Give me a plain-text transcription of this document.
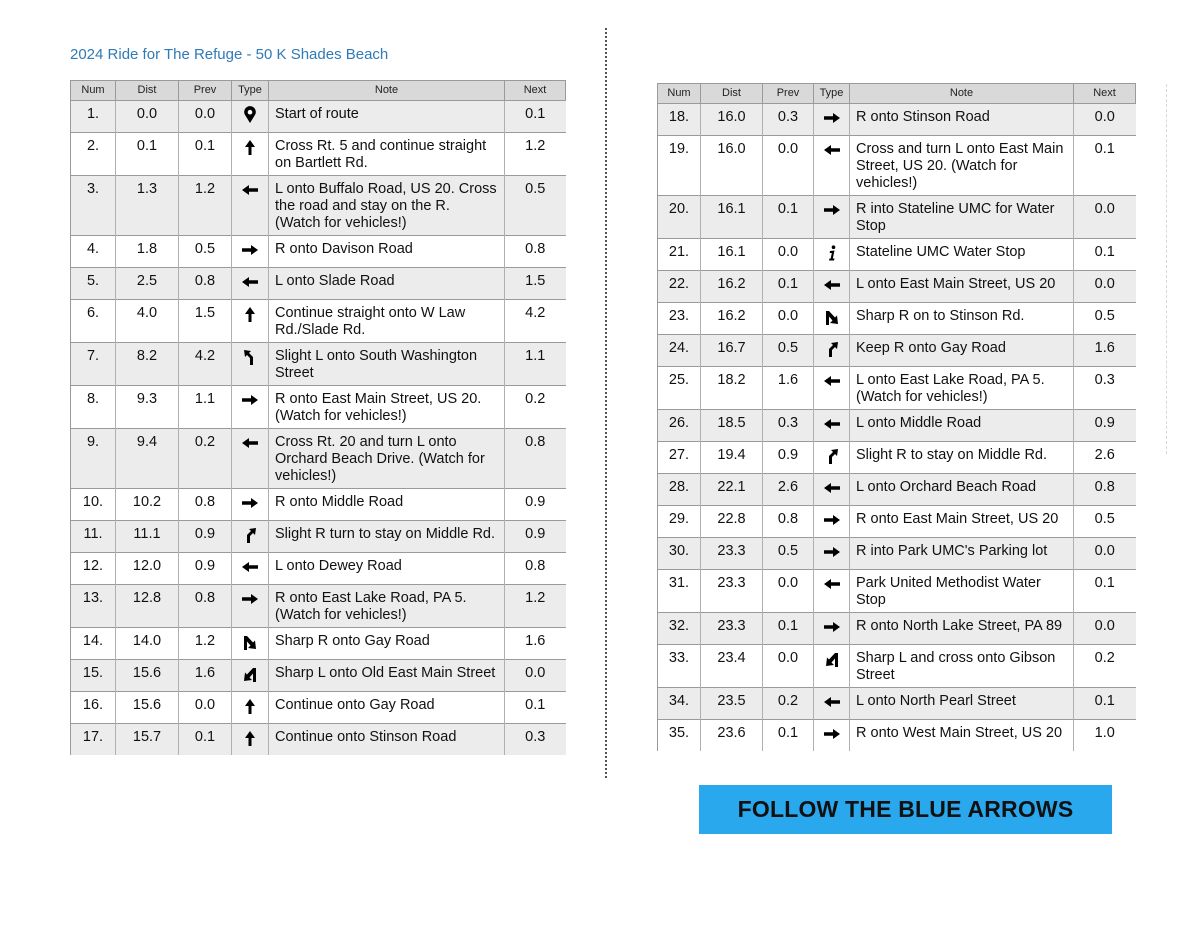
2024 Ride for The Refuge - 50 K Shades Beach
Num	Dist	Prev	Type	Note	Next
1.	0.0	0.0		Start of route	0.1
2.	0.1	0.1		Cross Rt. 5 and continue straight on Bartlett Rd.	1.2
3.	1.3	1.2		L onto Buffalo Road, US 20. Cross the road and stay on the R. (Watch for vehicles!)	0.5
4.	1.8	0.5		R onto Davison Road	0.8
5.	2.5	0.8		L onto Slade Road	1.5
6.	4.0	1.5		Continue straight onto W Law Rd./Slade Rd.	4.2
7.	8.2	4.2		Slight L onto South Washington Street	1.1
8.	9.3	1.1		R onto East Main Street, US 20. (Watch for vehicles!)	0.2
9.	9.4	0.2		Cross Rt. 20 and turn L onto Orchard Beach Drive. (Watch for vehicles!)	0.8
10.	10.2	0.8		R onto Middle Road	0.9
11.	11.1	0.9		Slight R turn to stay on Middle Rd.	0.9
12.	12.0	0.9		L onto Dewey Road	0.8
13.	12.8	0.8		R onto East Lake Road, PA 5. (Watch for vehicles!)	1.2
14.	14.0	1.2		Sharp R onto Gay Road	1.6
15.	15.6	1.6		Sharp L onto Old East Main Street	0.0
16.	15.6	0.0		Continue onto Gay Road	0.1
17.	15.7	0.1		Continue onto Stinson Road	0.3
Num	Dist	Prev	Type	Note	Next
18.	16.0	0.3		R onto Stinson Road	0.0
19.	16.0	0.0		Cross and turn L onto East Main Street, US 20. (Watch for vehicles!)	0.1
20.	16.1	0.1		R into Stateline UMC for Water Stop	0.0
21.	16.1	0.0		Stateline UMC Water Stop	0.1
22.	16.2	0.1		L onto East Main Street, US 20	0.0
23.	16.2	0.0		Sharp R on to Stinson Rd.	0.5
24.	16.7	0.5		Keep R onto Gay Road	1.6
25.	18.2	1.6		L onto East Lake Road, PA 5. (Watch for vehicles!)	0.3
26.	18.5	0.3		L onto Middle Road	0.9
27.	19.4	0.9		Slight R to stay on Middle Rd.	2.6
28.	22.1	2.6		L onto Orchard Beach Road	0.8
29.	22.8	0.8		R onto East Main Street, US 20	0.5
30.	23.3	0.5		R into Park UMC's Parking lot	0.0
31.	23.3	0.0		Park United Methodist Water Stop	0.1
32.	23.3	0.1		R onto North Lake Street, PA 89	0.0
33.	23.4	0.0		Sharp L and cross onto Gibson Street	0.2
34.	23.5	0.2		L onto North Pearl Street	0.1
35.	23.6	0.1		R onto West Main Street, US 20	1.0
FOLLOW THE BLUE ARROWS
